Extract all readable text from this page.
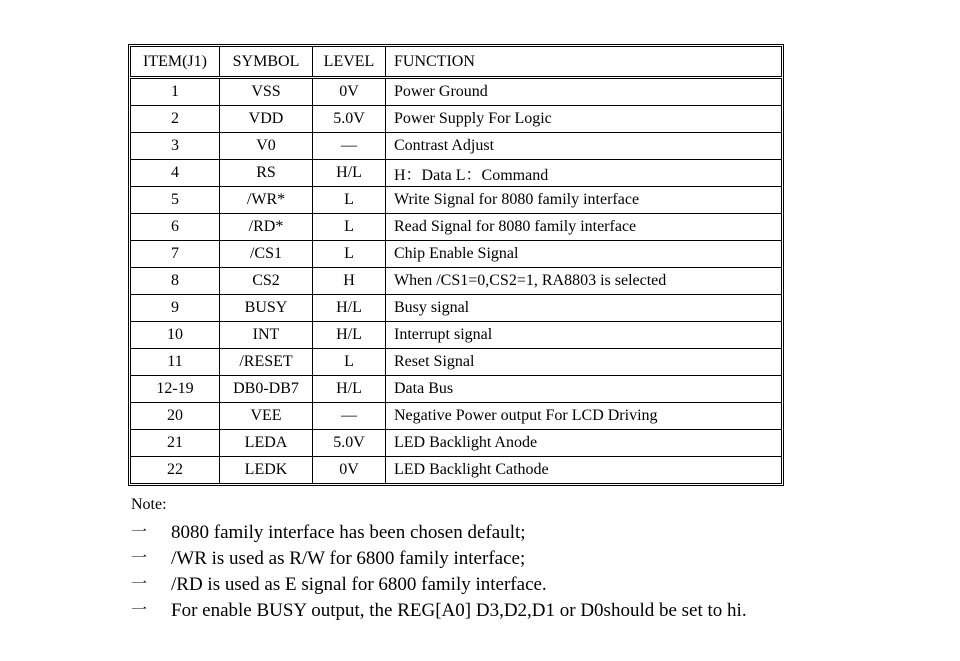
ITEM(J1)	SYMBOL	LEVEL	FUNCTION
1	VSS	0V	Power Ground
2	VDD	5.0V	Power Supply For Logic
3	V0	—	Contrast Adjust
4	RS	H/L	H：Data L：Command
5	/WR*	L	Write Signal for 8080 family interface
6	/RD*	L	Read Signal for 8080 family interface
7	/CS1	L	Chip Enable Signal
8	CS2	H	When /CS1=0,CS2=1, RA8803 is selected
9	BUSY	H/L	Busy signal
10	INT	H/L	Interrupt signal
11	/RESET	L	Reset Signal
12-19	DB0-DB7	H/L	Data Bus
20	VEE	—	Negative Power output For LCD Driving
21	LEDA	5.0V	LED Backlight Anode
22	LEDK	0V	LED Backlight Cathode
Note:
一	8080 family interface has been chosen default;
一	/WR is used as R/W for 6800 family interface;
一	/RD is used as E signal for 6800 family interface.
一	For enable BUSY output, the REG[A0] D3,D2,D1 or D0should be set to hi.
